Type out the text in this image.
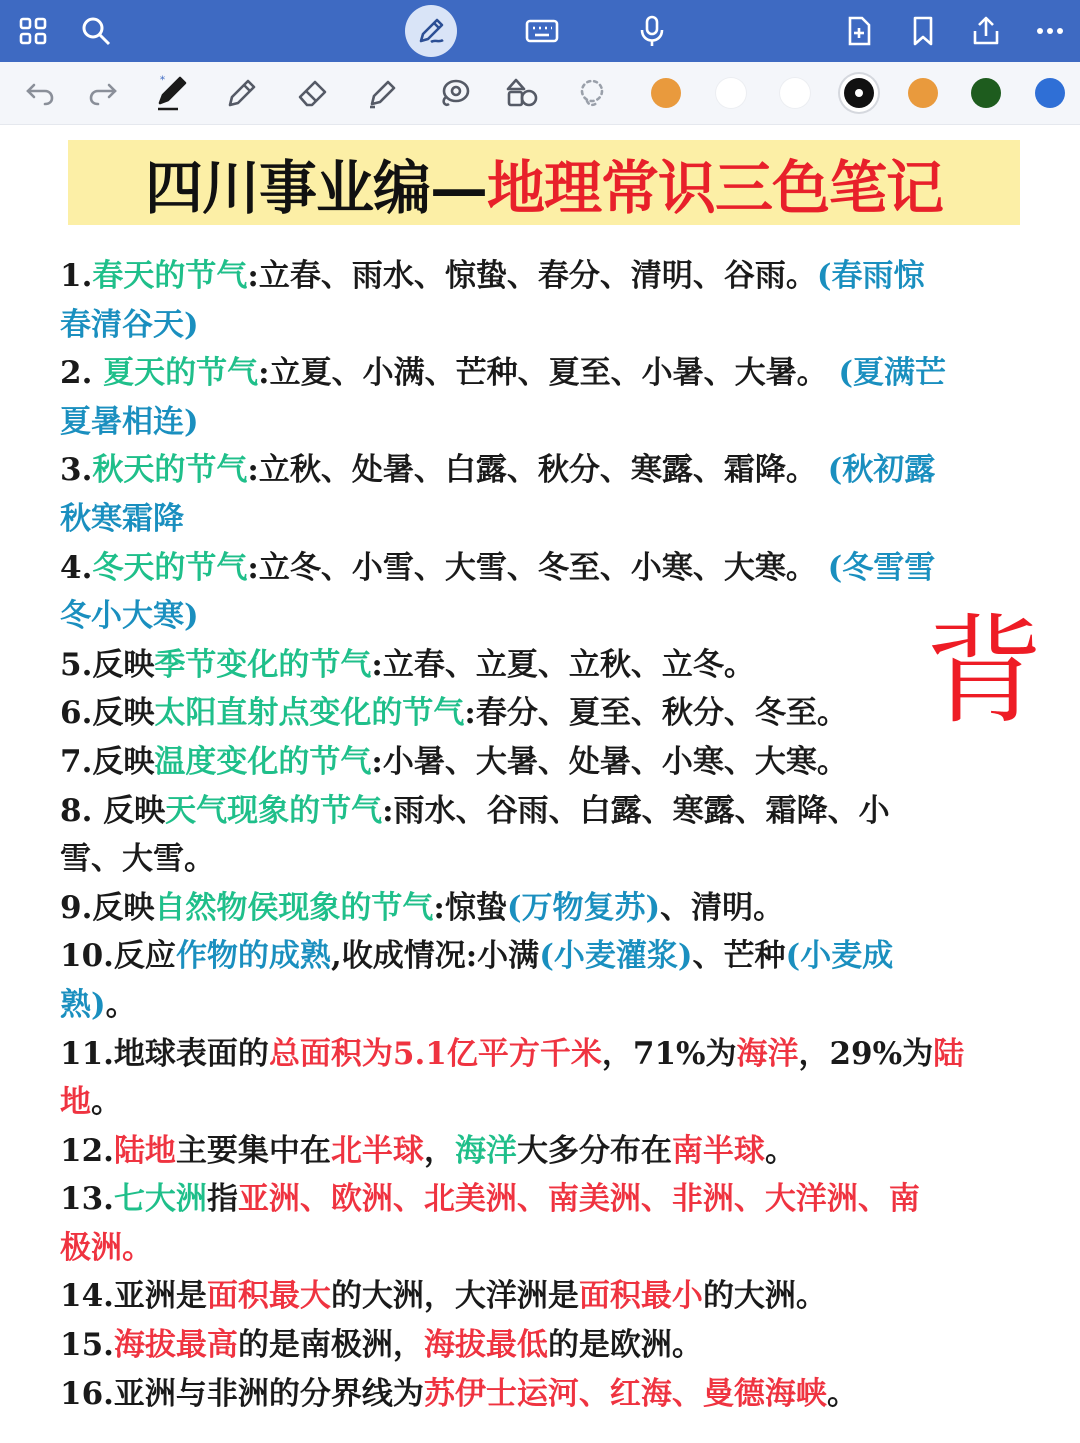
*
四川事业编— 地理常识三色笔记
1.春天的节气:立春、雨水、惊蛰、春分、清明、谷雨。(春雨惊
春清谷天)
2. 夏天的节气:立夏、小满、芒种、夏至、小暑、大暑。 (夏满芒
夏暑相连)
3.秋天的节气:立秋、处暑、白露、秋分、寒露、霜降。 (秋初露
秋寒霜降
4.冬天的节气:立冬、小雪、大雪、冬至、小寒、大寒。 (冬雪雪
冬小大寒)
5.反映季节变化的节气:立春、立夏、立秋、立冬。
6.反映太阳直射点变化的节气:春分、夏至、秋分、冬至。
7.反映温度变化的节气:小暑、大暑、处暑、小寒、大寒。
8. 反映天气现象的节气:雨水、谷雨、白露、寒露、霜降、小
雪、大雪。
9.反映自然物侯现象的节气:惊蛰(万物复苏)、清明。
10.反应作物的成熟,收成情况:小满(小麦灌浆)、芒种(小麦成
熟)。
11.地球表面的总面积为5.1亿平方千米，71%为海洋，29%为陆
地。
12.陆地主要集中在北半球，海洋大多分布在南半球。
13.七大洲指亚洲、欧洲、北美洲、南美洲、非洲、大洋洲、南
极洲。
14.亚洲是面积最大的大洲，大洋洲是面积最小的大洲。
15.海拔最高的是南极洲，海拔最低的是欧洲。
16.亚洲与非洲的分界线为苏伊士运河、红海、曼德海峡。
背
